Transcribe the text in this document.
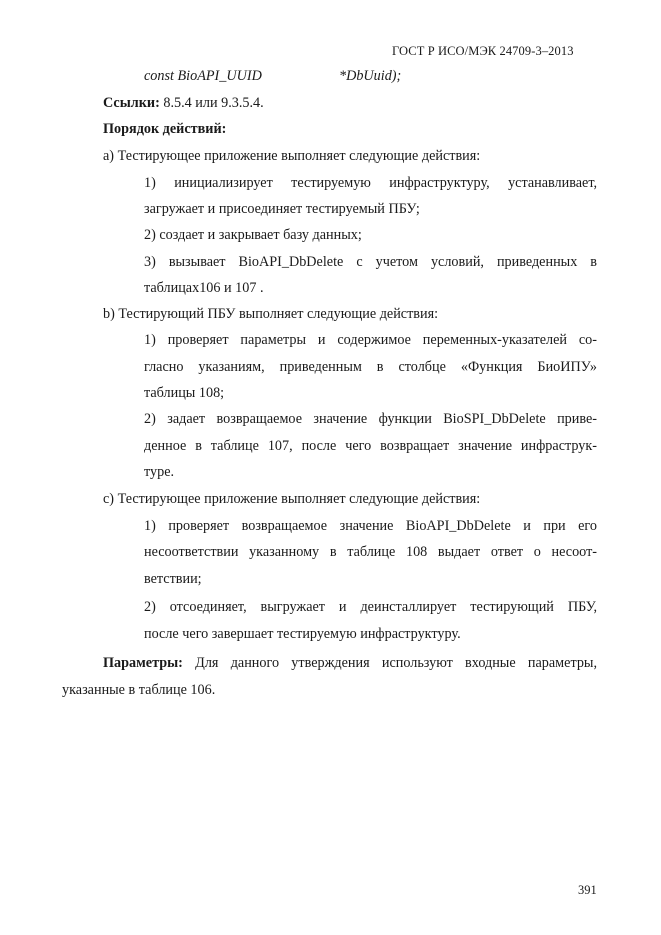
ГОСТ Р ИСО/МЭК 24709-3–2013
const BioAPI_UUID	*DbUuid);
Ссылки: 8.5.4 или 9.3.5.4.
Порядок действий:
а) Тестирующее приложение выполняет следующие действия:
1) инициализирует тестируемую инфраструктуру, устанавливает,
загружает и присоединяет тестируемый ПБУ;
2) создает и закрывает базу данных;
3) вызывает BioAPI_DbDelete с учетом условий, приведенных в
таблицах106 и 107 .
b) Тестирующий ПБУ выполняет следующие действия:
1) проверяет параметры и содержимое переменных-указателей со-
гласно указаниям, приведенным в столбце «Функция БиоИПУ»
таблицы 108;
2) задает возвращаемое значение функции BioSPI_DbDelete приве-
денное в таблице 107, после чего возвращает значение инфраструк-
туре.
с) Тестирующее приложение выполняет следующие действия:
1) проверяет возвращаемое значение BioAPI_DbDelete и при его
несоответствии указанному в таблице 108 выдает ответ о несоот-
ветствии;
2) отсоединяет, выгружает и деинсталлирует тестирующий ПБУ,
после чего завершает тестируемую инфраструктуру.
Параметры: Для данного утверждения используют входные параметры,
указанные в таблице 106.
391
